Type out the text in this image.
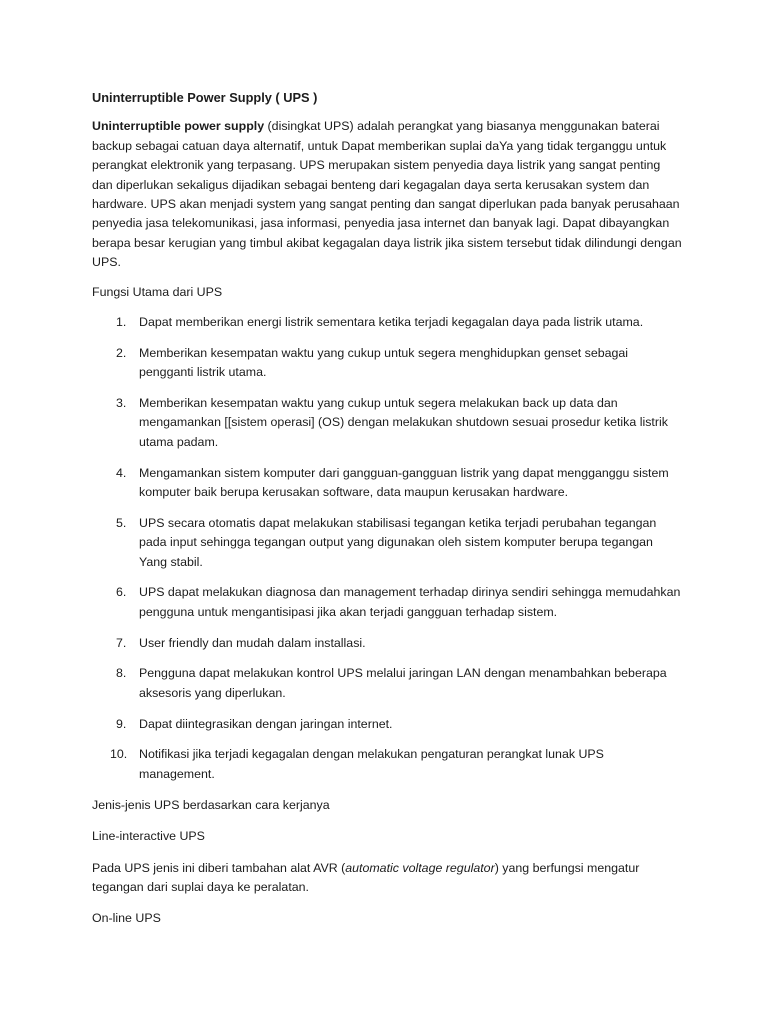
Uninterruptible Power Supply ( UPS )

Uninterruptible power supply (disingkat UPS) adalah perangkat yang biasanya menggunakan baterai backup sebagai catuan daya alternatif, untuk Dapat memberikan suplai daYa yang tidak terganggu untuk perangkat elektronik yang terpasang. UPS merupakan sistem penyedia daya listrik yang sangat penting dan diperlukan sekaligus dijadikan sebagai benteng dari kegagalan daya serta kerusakan system dan hardware. UPS akan menjadi system yang sangat penting dan sangat diperlukan pada banyak perusahaan penyedia jasa telekomunikasi, jasa informasi, penyedia jasa internet dan banyak lagi. Dapat dibayangkan berapa besar kerugian yang timbul akibat kegagalan daya listrik jika sistem tersebut tidak dilindungi dengan UPS.

Fungsi Utama dari UPS

1.	Dapat memberikan energi listrik sementara ketika terjadi kegagalan daya pada listrik utama.
2.	Memberikan kesempatan waktu yang cukup untuk segera menghidupkan genset sebagai pengganti listrik utama.
3.	Memberikan kesempatan waktu yang cukup untuk segera melakukan back up data dan mengamankan [[sistem operasi] (OS) dengan melakukan shutdown sesuai prosedur ketika listrik utama padam.
4.	Mengamankan sistem komputer dari gangguan-gangguan listrik yang dapat mengganggu sistem komputer baik berupa kerusakan software, data maupun kerusakan hardware.
5.	UPS secara otomatis dapat melakukan stabilisasi tegangan ketika terjadi perubahan tegangan pada input sehingga tegangan output yang digunakan oleh sistem komputer berupa tegangan Yang stabil.
6.	UPS dapat melakukan diagnosa dan management terhadap dirinya sendiri sehingga memudahkan pengguna untuk mengantisipasi jika akan terjadi gangguan terhadap sistem.
7.	User friendly dan mudah dalam installasi.
8.	Pengguna dapat melakukan kontrol UPS melalui jaringan LAN dengan menambahkan beberapa aksesoris yang diperlukan.
9.	Dapat diintegrasikan dengan jaringan internet.
10. Notifikasi jika terjadi kegagalan dengan melakukan pengaturan perangkat lunak UPS management.

Jenis-jenis UPS berdasarkan cara kerjanya

Line-interactive UPS

Pada UPS jenis ini diberi tambahan alat AVR (automatic voltage regulator) yang berfungsi mengatur tegangan dari suplai daya ke peralatan.

On-line UPS
